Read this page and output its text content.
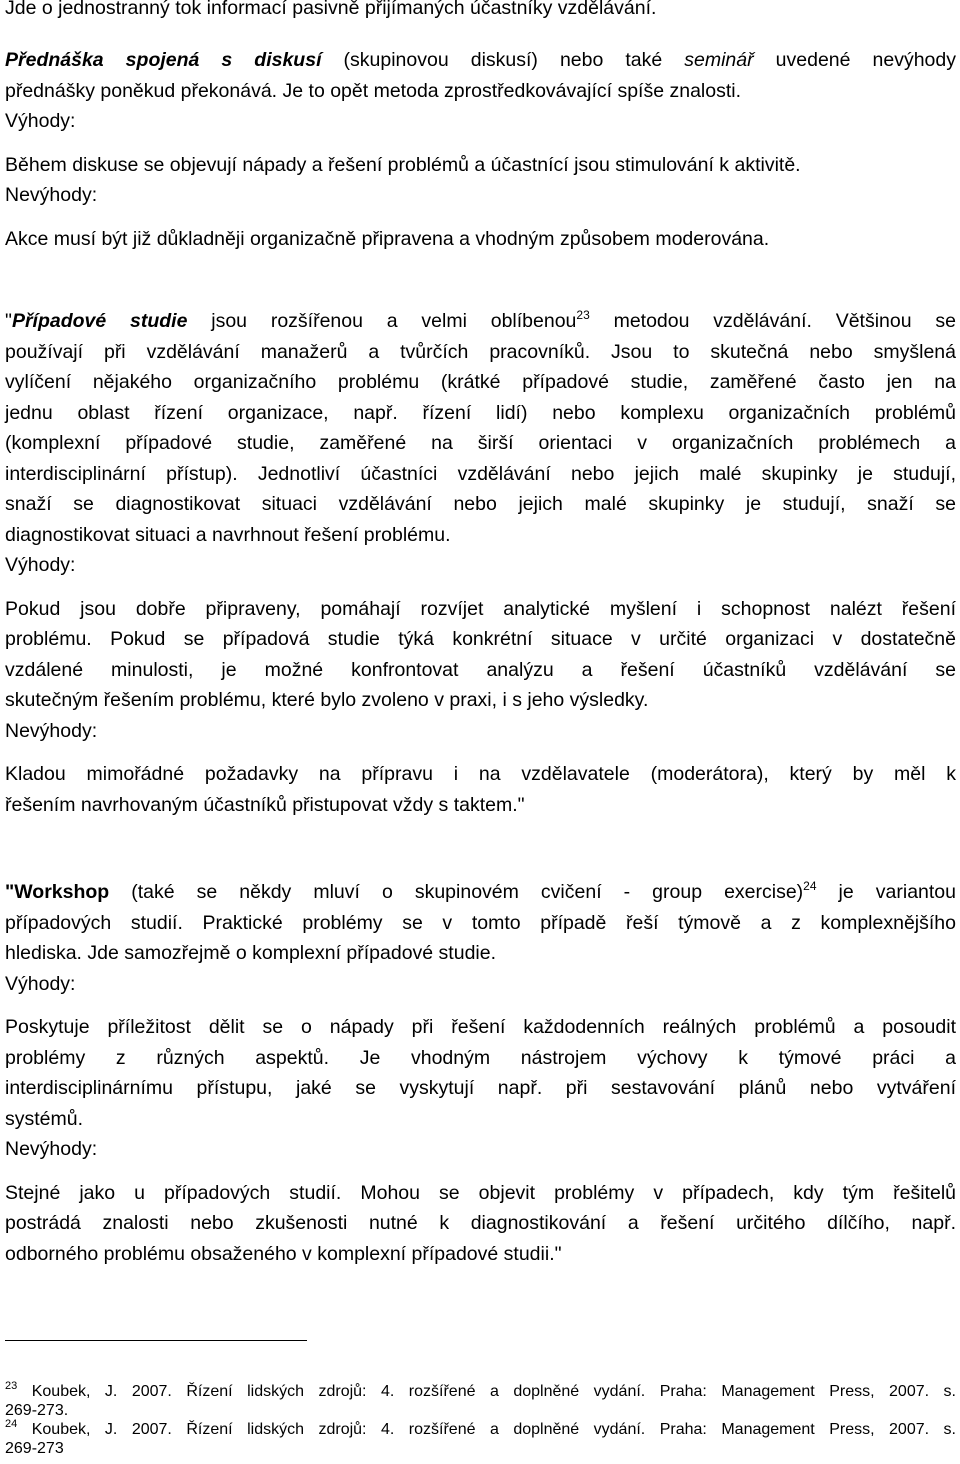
Jde o jednostranný tok informací pasivně přijímaných účastníky vzdělávání.

Přednáška spojená s diskusí (skupinovou diskusí) nebo také seminář uvedené nevýhody

přednášky poněkud překonává. Je to opět metoda zprostředkovávající spíše znalosti.

Výhody:

Během diskuse se objevují nápady a řešení problémů a účastnící jsou stimulování k aktivitě.

Nevýhody:

Akce musí být již důkladněji organizačně připravena a vhodným způsobem moderována.

"Případové studie jsou rozšířenou a velmi oblíbenou$^{23}$ metodou vzdělávání. Většinou se

používají při vzdělávání manažerů a tvůrčích pracovníků. Jsou to skutečná nebo smyšlená

vylíčení nějakého organizačního problému (krátké případové studie, zaměřené často jen na

jednu oblast řízení organizace, např. řízení lidí) nebo komplexu organizačních problémů

(komplexní případové studie, zaměřené na širší orientaci v organizačních problémech a

interdisciplinární přístup). Jednotliví účastníci vzdělávání nebo jejich malé skupinky je studují,

snaží se diagnostikovat situaci vzdělávání nebo jejich malé skupinky je studují, snaží se

diagnostikovat situaci a navrhnout řešení problému.

Výhody:

Pokud jsou dobře připraveny, pomáhají rozvíjet analytické myšlení i schopnost nalézt řešení

problému. Pokud se případová studie týká konkrétní situace v určité organizaci v dostatečně

vzdálené minulosti, je možné konfrontovat analýzu a řešení účastníků vzdělávání se

skutečným řešením problému, které bylo zvoleno v praxi, i s jeho výsledky.

Nevýhody:

Kladou mimořádné požadavky na přípravu i na vzdělavatele (moderátora), který by měl k

řešením navrhovaným účastníků přistupovat vždy s taktem."

"Workshop (také se někdy mluví o skupinovém cvičení - group exercise)$^{24}$ je variantou

případových studií. Praktické problémy se v tomto případě řeší týmově a z komplexnějšího

hlediska. Jde samozřejmě o komplexní případové studie.

Výhody:

Poskytuje příležitost dělit se o nápady při řešení každodenních reálných problémů a posoudit

problémy z různých aspektů. Je vhodným nástrojem výchovy k týmové práci a

interdisciplinárnímu přístupu, jaké se vyskytují např. při sestavování plánů nebo vytváření

systémů.

Nevýhody:

Stejné jako u případových studií. Mohou se objevit problémy v případech, kdy tým řešitelů

postrádá znalosti nebo zkušenosti nutné k diagnostikování a řešení určitého dílčího, např.

odborného problému obsaženého v komplexní případové studii."

$^{23}$ Koubek, J. 2007. Řízení lidských zdrojů: 4. rozšířené a doplněné vydání. Praha: Management Press, 2007. s.

269-273.

$^{24}$ Koubek, J. 2007. Řízení lidských zdrojů: 4. rozšířené a doplněné vydání. Praha: Management Press, 2007. s.

269-273
